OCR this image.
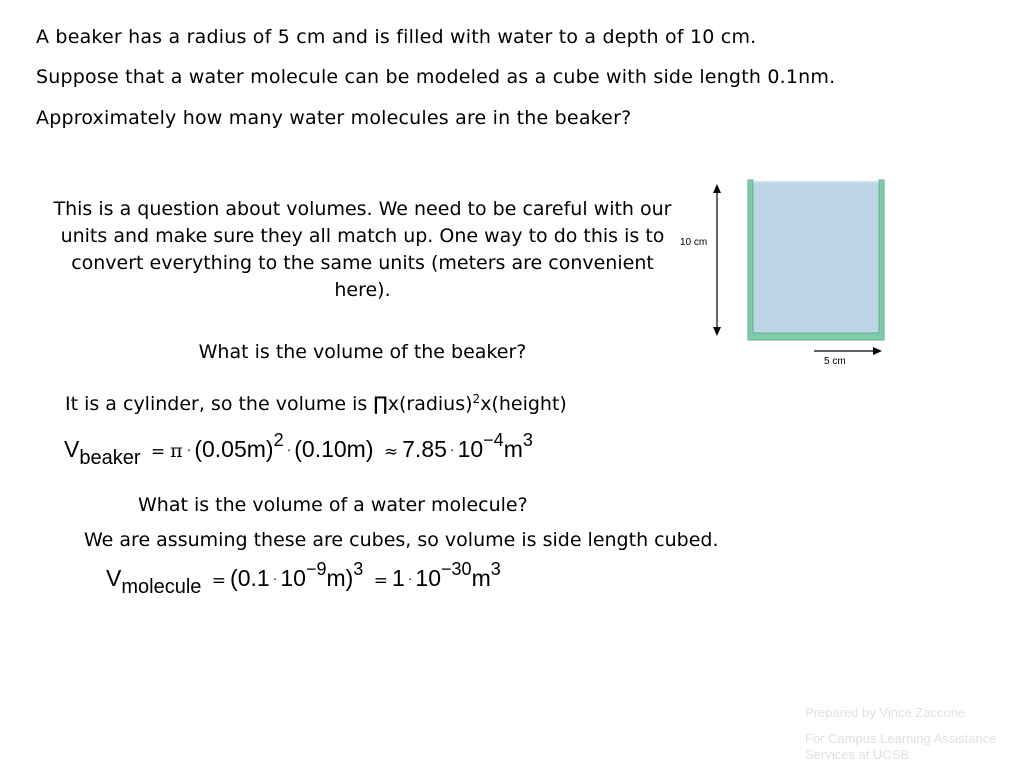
A beaker has a radius of 5 cm and is filled with water to a depth of 10 cm.
Suppose that a water molecule can be modeled as a cube with side length 0.1nm.
Approximately how many water molecules are in the beaker?
This is a question about volumes. We need to be careful with our units and make sure they all match up. One way to do this is to convert everything to the same units (meters are convenient here).
What is the volume of the beaker?
It is a cylinder, so the volume is ∏x(radius)$^2$x(height)
Vbeaker = $\pi \cdot (0.05m)^2 \cdot (0.10m) \approx 7.85 \cdot 10^{-4}m^3$
What is the volume of a water molecule?
We are assuming these are cubes, so volume is side length cubed.
Vmolecule = $(0.1 \cdot 10^{-9}m)^3 = 1 \cdot 10^{-30}m^3$
10 cm
5 cm
Prepared by Vince Zaccone
For Campus Learning Assistance Services at UCSB
